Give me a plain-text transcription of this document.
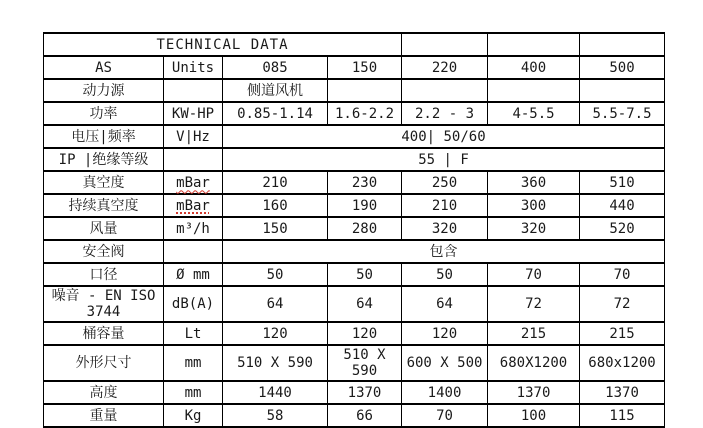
TECHNICAL DATA						
AS	Units	085	150	220	400	500
动力源		侧道风机				
功率	KW-HP	0.85-1.14	1.6-2.2	2.2 - 3	4-5.5	5.5-7.5
电压|频率	V|Hz	400| 50/60				
IP |绝缘等级		55 | F				
真空度	mBar	210	230	250	360	510
持续真空度	mBar	160	190	210	300	440
风量	m³/h	150	280	320	320	520
安全阀		包含				
口径	Ø mm	50	50	50	70	70
噪音 - EN ISO 3744	dB(A)	64	64	64	72	72
桶容量	Lt	120	120	120	215	215
外形尺寸	mm	510 X 590	510 X 590	600 X 500	680X1200	680x1200
高度	mm	1440	1370	1400	1370	1370
重量	Kg	58	66	70	100	115
